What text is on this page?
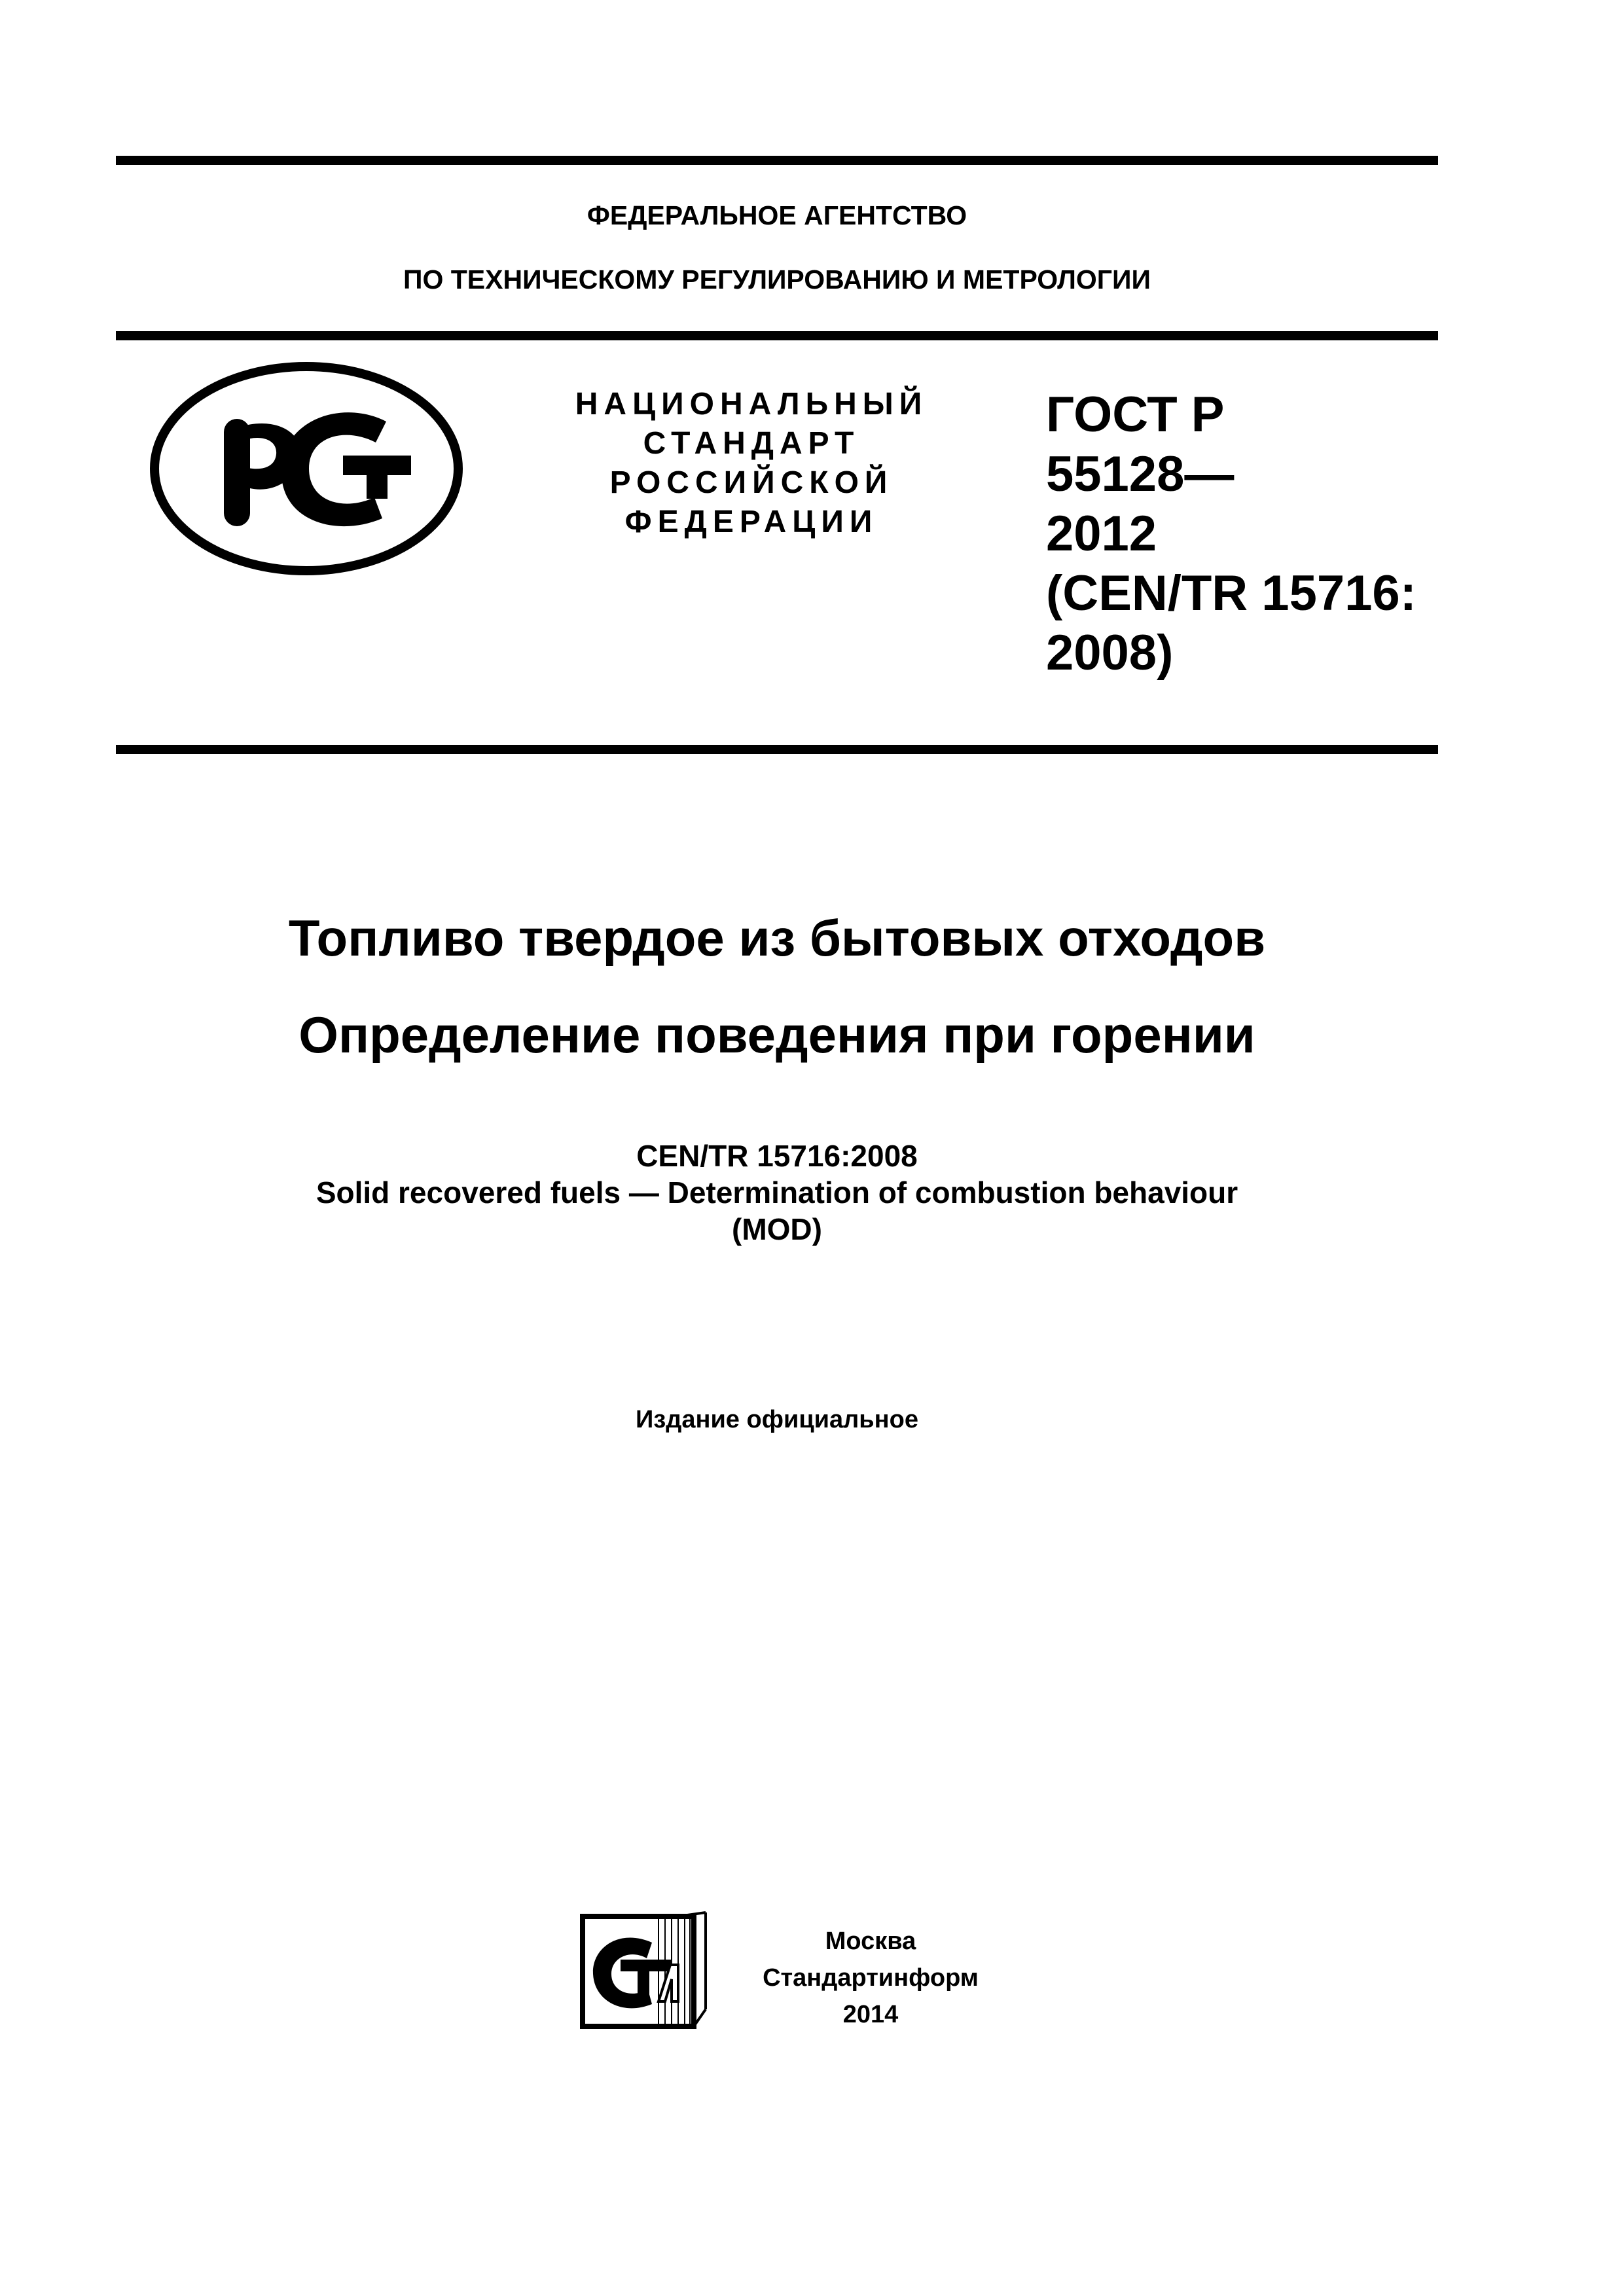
ФЕДЕРАЛЬНОЕ АГЕНТСТВО
ПО ТЕХНИЧЕСКОМУ РЕГУЛИРОВАНИЮ И МЕТРОЛОГИИ
НАЦИОНАЛЬНЫЙ
СТАНДАРТ
РОССИЙСКОЙ
ФЕДЕРАЦИИ
ГОСТ Р
55128—
2012
(CEN/TR 15716:
2008)
Топливо твердое из бытовых отходов
Определение поведения при горении
CEN/TR 15716:2008
Solid recovered fuels — Determination of combustion behaviour
(MOD)
Издание официальное
Москва
Стандартинформ
2014
